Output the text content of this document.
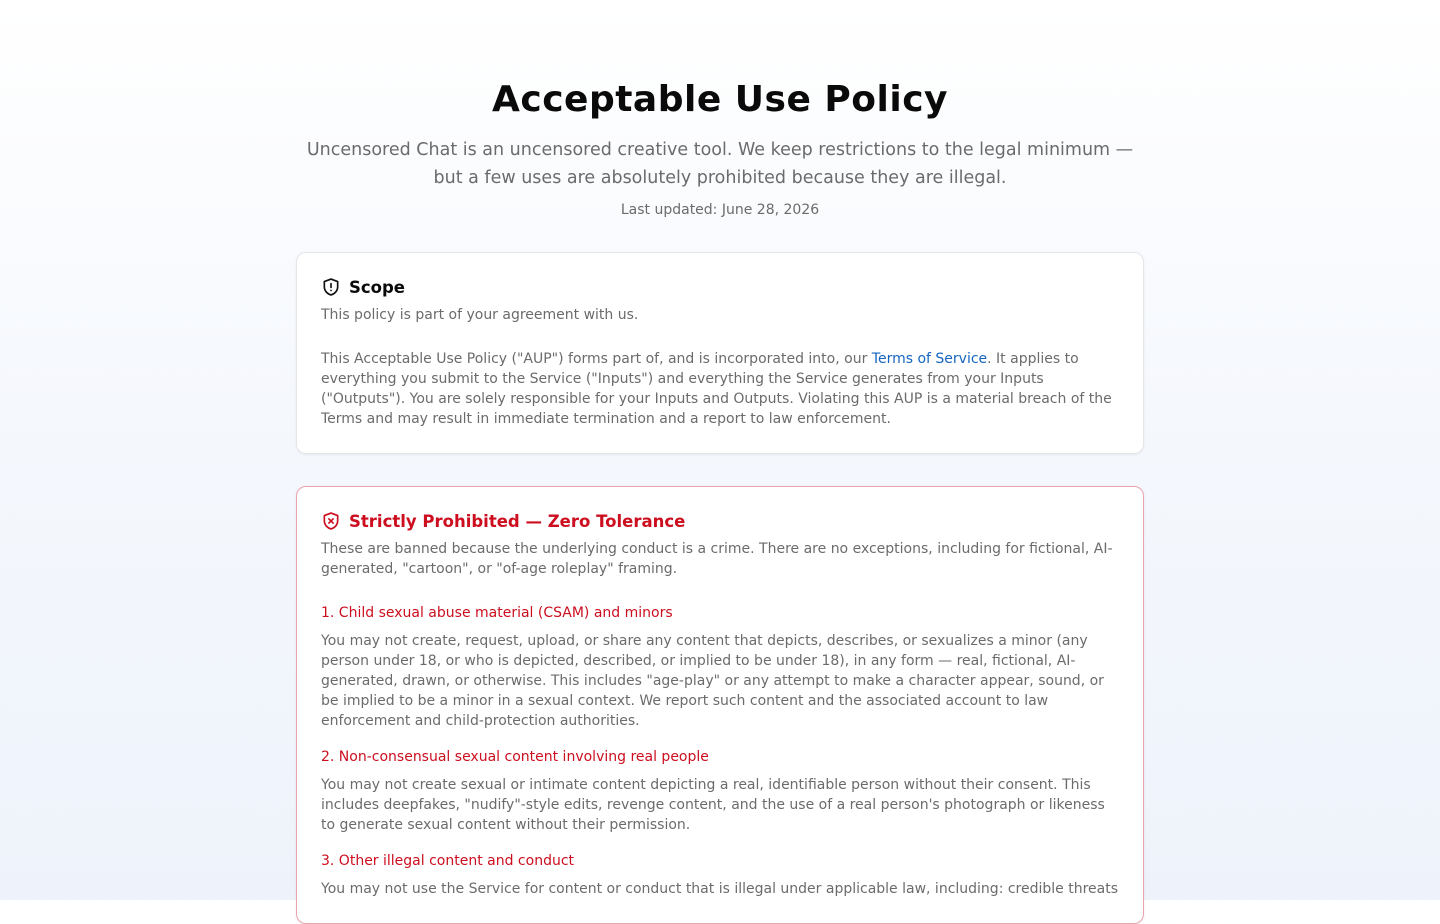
Acceptable Use Policy
Uncensored Chat is an uncensored creative tool. We keep restrictions to the legal minimum — but a few uses are absolutely prohibited because they are illegal.
Last updated: June 28, 2026
Scope
This policy is part of your agreement with us.
This Acceptable Use Policy ("AUP") forms part of, and is incorporated into, our Terms of Service. It applies to everything you submit to the Service ("Inputs") and everything the Service generates from your Inputs ("Outputs"). You are solely responsible for your Inputs and Outputs. Violating this AUP is a material breach of the Terms and may result in immediate termination and a report to law enforcement.
Strictly Prohibited — Zero Tolerance
These are banned because the underlying conduct is a crime. There are no exceptions, including for fictional, AI-generated, "cartoon", or "of-age roleplay" framing.
1. Child sexual abuse material (CSAM) and minors
You may not create, request, upload, or share any content that depicts, describes, or sexualizes a minor (any person under 18, or who is depicted, described, or implied to be under 18), in any form — real, fictional, AI-generated, drawn, or otherwise. This includes "age-play" or any attempt to make a character appear, sound, or be implied to be a minor in a sexual context. We report such content and the associated account to law enforcement and child-protection authorities.
2. Non-consensual sexual content involving real people
You may not create sexual or intimate content depicting a real, identifiable person without their consent. This includes deepfakes, "nudify"-style edits, revenge content, and the use of a real person's photograph or likeness to generate sexual content without their permission.
3. Other illegal content and conduct
You may not use the Service for content or conduct that is illegal under applicable law, including: credible threats
